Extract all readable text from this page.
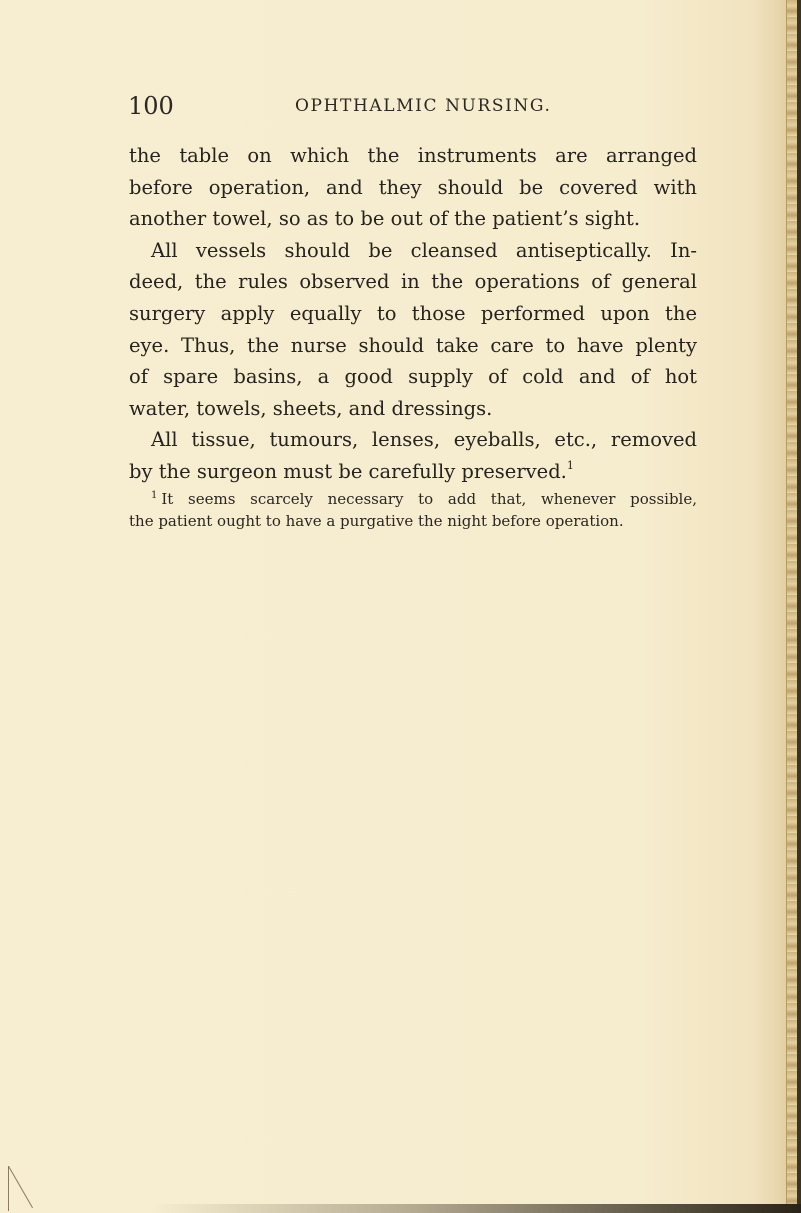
100	OPHTHALMIC NURSING.
the table on which the instruments are arranged
before operation, and they should be covered with
another towel, so as to be out of the patient’s sight.
All vessels should be cleansed antiseptically. In-
deed, the rules observed in the operations of general
surgery apply equally to those performed upon the
eye. Thus, the nurse should take care to have plenty
of spare basins, a good supply of cold and of hot
water, towels, sheets, and dressings.
All tissue, tumours, lenses, eyeballs, etc., removed
by the surgeon must be carefully preserved.$^1$
$^1$ It seems scarcely necessary to add that, whenever possible,
the patient ought to have a purgative the night before operation.
